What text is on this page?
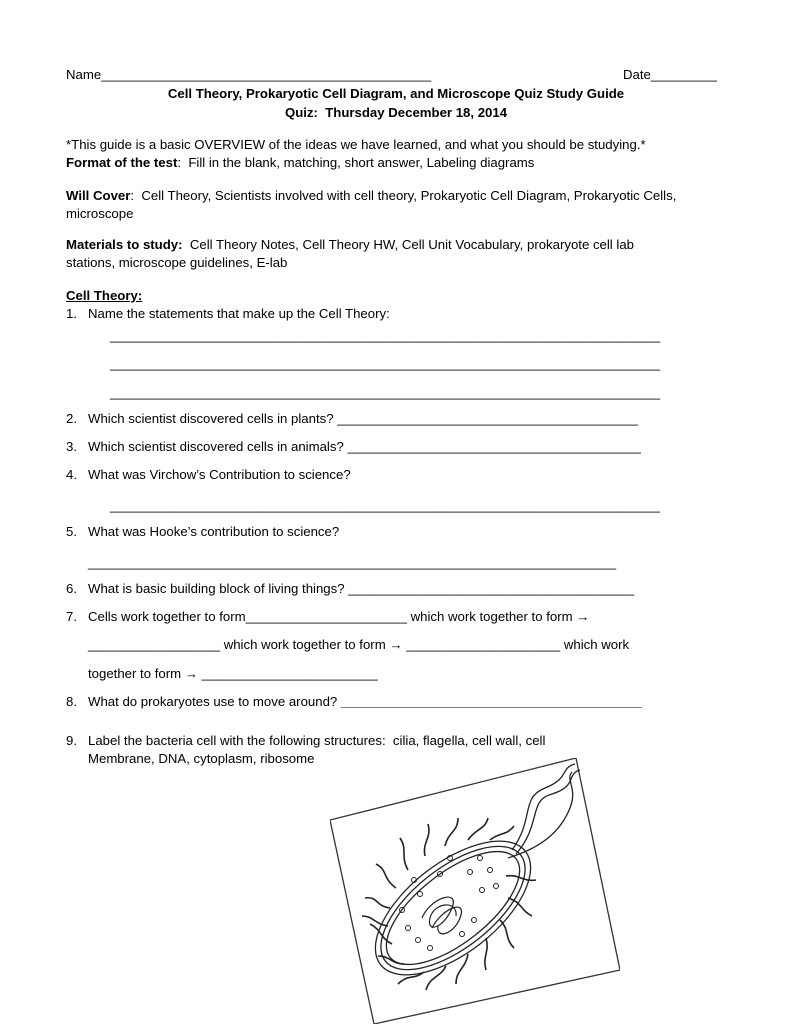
Name_____________________________________________	Date_________
Cell Theory, Prokaryotic Cell Diagram, and Microscope Quiz Study Guide
Quiz:  Thursday December 18, 2014
*This guide is a basic OVERVIEW of the ideas we have learned, and what you should be studying.*
Format of the test:  Fill in the blank, matching, short answer, Labeling diagrams
Will Cover:  Cell Theory, Scientists involved with cell theory, Prokaryotic Cell Diagram, Prokaryotic Cells,
microscope
Materials to study:  Cell Theory Notes, Cell Theory HW, Cell Unit Vocabulary, prokaryote cell lab
stations, microscope guidelines, E-lab
Cell Theory:
1. Name the statements that make up the Cell Theory:
___________________________________________________________________________
___________________________________________________________________________
___________________________________________________________________________
2. Which scientist discovered cells in plants? _________________________________________
3. Which scientist discovered cells in animals? ________________________________________
4. What was Virchow’s Contribution to science?
___________________________________________________________________________
5. What was Hooke’s contribution to science?
________________________________________________________________________
6. What is basic building block of living things? _______________________________________
7. Cells work together to form______________________ which work together to form →
__________________ which work together to form → _____________________ which work
together to form → ________________________
8. What do prokaryotes use to move around? _________________________________________
9. Label the bacteria cell with the following structures:  cilia, flagella, cell wall, cell
Membrane, DNA, cytoplasm, ribosome
